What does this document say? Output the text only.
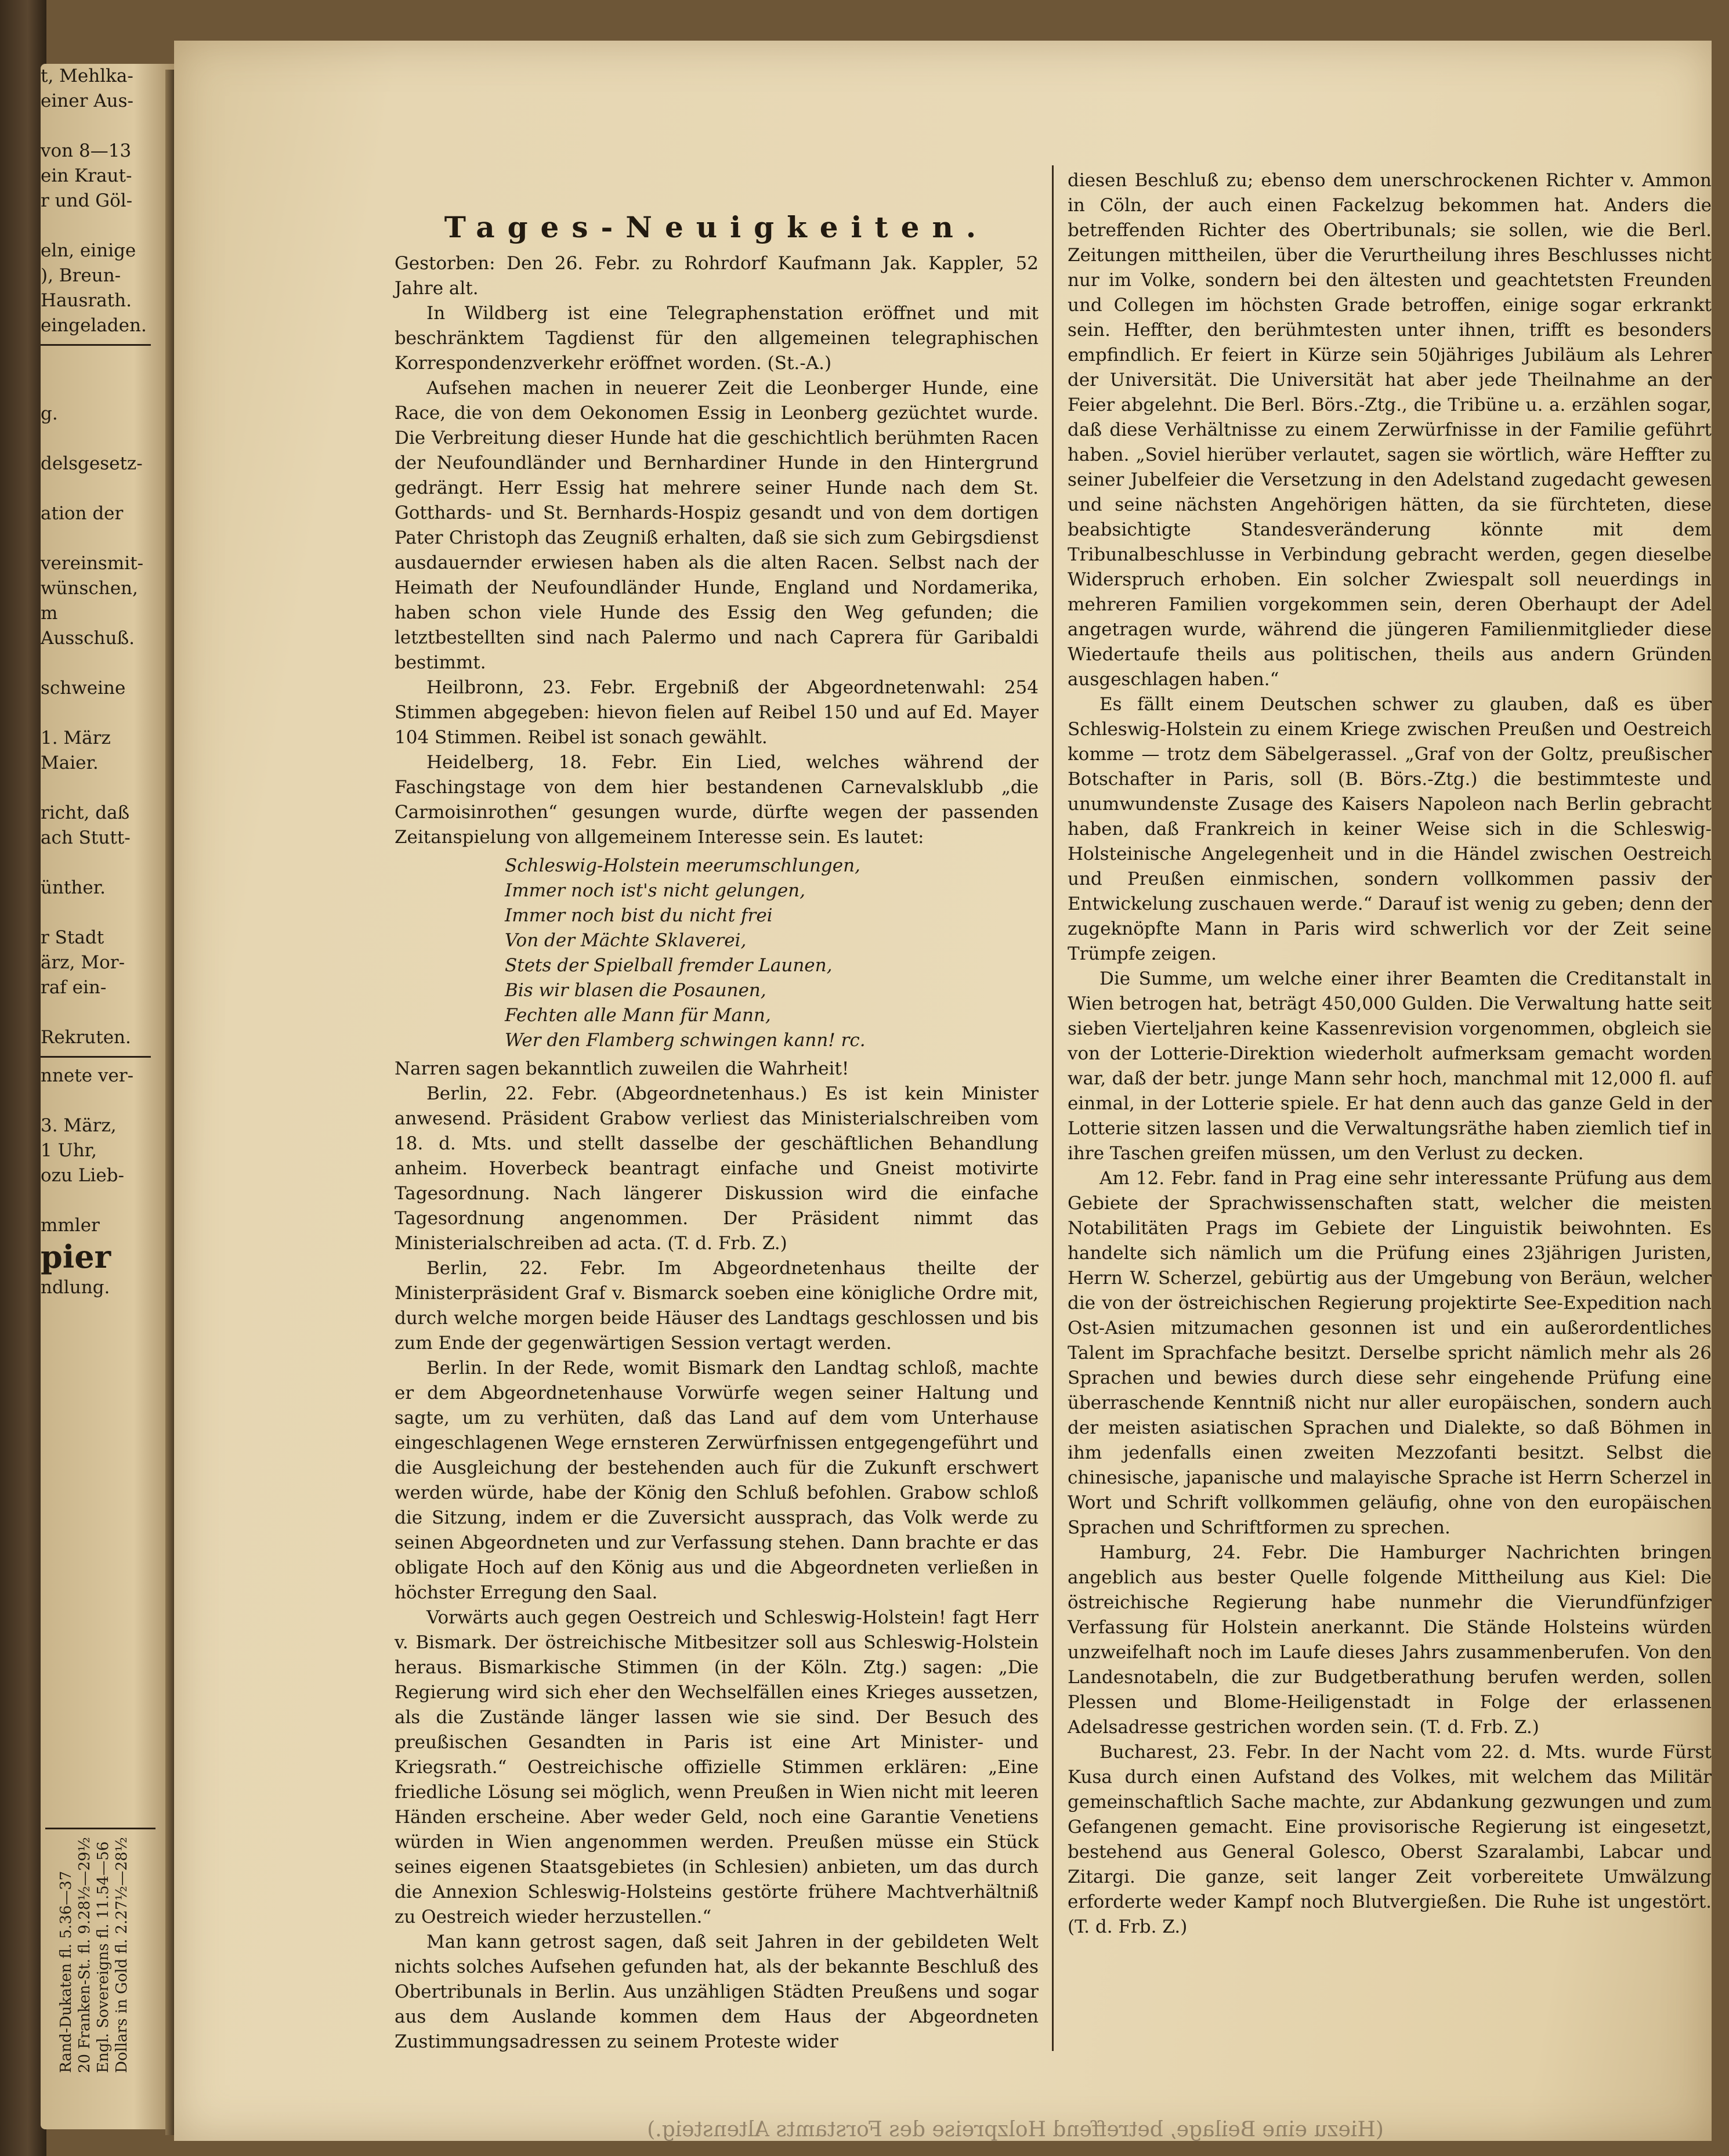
t, Mehlka-
einer Aus-

von 8—13
ein Kraut-
r und Göl-

eln, einige
), Breun-
Hausrath.
eingeladen.

g.

delsgesetz-

ation der

vereinsmit-
wünschen,
m
Ausschuß.

schweine

1. März
Maier.

richt, daß
ach Stutt-

ünther.

r Stadt
ärz, Mor-
raf ein-

Rekruten.
nnete ver-

3. März,
1 Uhr,
ozu Lieb-

mmler
pier
ndlung.
Rand-Dukaten fl. 5.36—37 20 Franken-St. fl. 9.28½—29½ Engl. Sovereigns fl. 11.54—56 Dollars in Gold fl. 2.27½—28½
Tages-Neuigkeiten.

Gestorben: Den 26. Febr. zu Rohrdorf Kaufmann Jak. Kappler, 52 Jahre alt.

In Wildberg ist eine Telegraphenstation eröffnet und mit beschränktem Tagdienst für den allgemeinen telegraphischen Korrespondenzverkehr eröffnet worden. (St.-A.)

Aufsehen machen in neuerer Zeit die Leonberger Hunde, eine Race, die von dem Oekonomen Essig in Leonberg gezüchtet wurde. Die Verbreitung dieser Hunde hat die geschichtlich berühmten Racen der Neufoundländer und Bernhardiner Hunde in den Hintergrund gedrängt. Herr Essig hat mehrere seiner Hunde nach dem St. Gotthards- und St. Bernhards-Hospiz gesandt und von dem dortigen Pater Christoph das Zeugniß erhalten, daß sie sich zum Gebirgsdienst ausdauernder erwiesen haben als die alten Racen. Selbst nach der Heimath der Neufoundländer Hunde, England und Nordamerika, haben schon viele Hunde des Essig den Weg gefunden; die letztbestellten sind nach Palermo und nach Caprera für Garibaldi bestimmt.

Heilbronn, 23. Febr. Ergebniß der Abgeordnetenwahl: 254 Stimmen abgegeben: hievon fielen auf Reibel 150 und auf Ed. Mayer 104 Stimmen. Reibel ist sonach gewählt.

Heidelberg, 18. Febr. Ein Lied, welches während der Faschingstage von dem hier bestandenen Carnevalsklubb „die Carmoisinrothen“ gesungen wurde, dürfte wegen der passenden Zeitanspielung von allgemeinem Interesse sein. Es lautet:

Schleswig-Holstein meerumschlungen,
Immer noch ist's nicht gelungen,
Immer noch bist du nicht frei
Von der Mächte Sklaverei,
Stets der Spielball fremder Launen,
Bis wir blasen die Posaunen,
Fechten alle Mann für Mann,
Wer den Flamberg schwingen kann! rc.

Narren sagen bekanntlich zuweilen die Wahrheit!

Berlin, 22. Febr. (Abgeordnetenhaus.) Es ist kein Minister anwesend. Präsident Grabow verliest das Ministerialschreiben vom 18. d. Mts. und stellt dasselbe der geschäftlichen Behandlung anheim. Hoverbeck beantragt einfache und Gneist motivirte Tagesordnung. Nach längerer Diskussion wird die einfache Tagesordnung angenommen. Der Präsident nimmt das Ministerialschreiben ad acta. (T. d. Frb. Z.)

Berlin, 22. Febr. Im Abgeordnetenhaus theilte der Ministerpräsident Graf v. Bismarck soeben eine königliche Ordre mit, durch welche morgen beide Häuser des Landtags geschlossen und bis zum Ende der gegenwärtigen Session vertagt werden.

Berlin. In der Rede, womit Bismark den Landtag schloß, machte er dem Abgeordnetenhause Vorwürfe wegen seiner Haltung und sagte, um zu verhüten, daß das Land auf dem vom Unterhause eingeschlagenen Wege ernsteren Zerwürfnissen entgegengeführt und die Ausgleichung der bestehenden auch für die Zukunft erschwert werden würde, habe der König den Schluß befohlen. Grabow schloß die Sitzung, indem er die Zuversicht aussprach, das Volk werde zu seinen Abgeordneten und zur Verfassung stehen. Dann brachte er das obligate Hoch auf den König aus und die Abgeordneten verließen in höchster Erregung den Saal.

Vorwärts auch gegen Oestreich und Schleswig-Holstein! fagt Herr v. Bismark. Der östreichische Mitbesitzer soll aus Schleswig-Holstein heraus. Bismarkische Stimmen (in der Köln. Ztg.) sagen: „Die Regierung wird sich eher den Wechselfällen eines Krieges aussetzen, als die Zustände länger lassen wie sie sind. Der Besuch des preußischen Gesandten in Paris ist eine Art Minister- und Kriegsrath.“ Oestreichische offizielle Stimmen erklären: „Eine friedliche Lösung sei möglich, wenn Preußen in Wien nicht mit leeren Händen erscheine. Aber weder Geld, noch eine Garantie Venetiens würden in Wien angenommen werden. Preußen müsse ein Stück seines eigenen Staatsgebietes (in Schlesien) anbieten, um das durch die Annexion Schleswig-Holsteins gestörte frühere Machtverhältniß zu Oestreich wieder herzustellen.“

Man kann getrost sagen, daß seit Jahren in der gebildeten Welt nichts solches Aufsehen gefunden hat, als der bekannte Beschluß des Obertribunals in Berlin. Aus unzähligen Städten Preußens und sogar aus dem Auslande kommen dem Haus der Abgeordneten Zustimmungsadressen zu seinem Proteste wider

diesen Beschluß zu; ebenso dem unerschrockenen Richter v. Ammon in Cöln, der auch einen Fackelzug bekommen hat. Anders die betreffenden Richter des Obertribunals; sie sollen, wie die Berl. Zeitungen mittheilen, über die Verurtheilung ihres Beschlusses nicht nur im Volke, sondern bei den ältesten und geachtetsten Freunden und Collegen im höchsten Grade betroffen, einige sogar erkrankt sein. Heffter, den berühmtesten unter ihnen, trifft es besonders empfindlich. Er feiert in Kürze sein 50jähriges Jubiläum als Lehrer der Universität. Die Universität hat aber jede Theilnahme an der Feier abgelehnt. Die Berl. Börs.-Ztg., die Tribüne u. a. erzählen sogar, daß diese Verhältnisse zu einem Zerwürfnisse in der Familie geführt haben. „Soviel hierüber verlautet, sagen sie wörtlich, wäre Heffter zu seiner Jubelfeier die Versetzung in den Adelstand zugedacht gewesen und seine nächsten Angehörigen hätten, da sie fürchteten, diese beabsichtigte Standesveränderung könnte mit dem Tribunalbeschlusse in Verbindung gebracht werden, gegen dieselbe Widerspruch erhoben. Ein solcher Zwiespalt soll neuerdings in mehreren Familien vorgekommen sein, deren Oberhaupt der Adel angetragen wurde, während die jüngeren Familienmitglieder diese Wiedertaufe theils aus politischen, theils aus andern Gründen ausgeschlagen haben.“

Es fällt einem Deutschen schwer zu glauben, daß es über Schleswig-Holstein zu einem Kriege zwischen Preußen und Oestreich komme — trotz dem Säbelgerassel. „Graf von der Goltz, preußischer Botschafter in Paris, soll (B. Börs.-Ztg.) die bestimmteste und unumwundenste Zusage des Kaisers Napoleon nach Berlin gebracht haben, daß Frankreich in keiner Weise sich in die Schleswig-Holsteinische Angelegenheit und in die Händel zwischen Oestreich und Preußen einmischen, sondern vollkommen passiv der Entwickelung zuschauen werde.“ Darauf ist wenig zu geben; denn der zugeknöpfte Mann in Paris wird schwerlich vor der Zeit seine Trümpfe zeigen.

Die Summe, um welche einer ihrer Beamten die Creditanstalt in Wien betrogen hat, beträgt 450,000 Gulden. Die Verwaltung hatte seit sieben Vierteljahren keine Kassenrevision vorgenommen, obgleich sie von der Lotterie-Direktion wiederholt aufmerksam gemacht worden war, daß der betr. junge Mann sehr hoch, manchmal mit 12,000 fl. auf einmal, in der Lotterie spiele. Er hat denn auch das ganze Geld in der Lotterie sitzen lassen und die Verwaltungsräthe haben ziemlich tief in ihre Taschen greifen müssen, um den Verlust zu decken.

Am 12. Febr. fand in Prag eine sehr interessante Prüfung aus dem Gebiete der Sprachwissenschaften statt, welcher die meisten Notabilitäten Prags im Gebiete der Linguistik beiwohnten. Es handelte sich nämlich um die Prüfung eines 23jährigen Juristen, Herrn W. Scherzel, gebürtig aus der Umgebung von Beräun, welcher die von der östreichischen Regierung projektirte See-Expedition nach Ost-Asien mitzumachen gesonnen ist und ein außerordentliches Talent im Sprachfache besitzt. Derselbe spricht nämlich mehr als 26 Sprachen und bewies durch diese sehr eingehende Prüfung eine überraschende Kenntniß nicht nur aller europäischen, sondern auch der meisten asiatischen Sprachen und Dialekte, so daß Böhmen in ihm jedenfalls einen zweiten Mezzofanti besitzt. Selbst die chinesische, japanische und malayische Sprache ist Herrn Scherzel in Wort und Schrift vollkommen geläufig, ohne von den europäischen Sprachen und Schriftformen zu sprechen.

Hamburg, 24. Febr. Die Hamburger Nachrichten bringen angeblich aus bester Quelle folgende Mittheilung aus Kiel: Die östreichische Regierung habe nunmehr die Vierundfünfziger Verfassung für Holstein anerkannt. Die Stände Holsteins würden unzweifelhaft noch im Laufe dieses Jahrs zusammenberufen. Von den Landesnotabeln, die zur Budgetberathung berufen werden, sollen Plessen und Blome-Heiligenstadt in Folge der erlassenen Adelsadresse gestrichen worden sein. (T. d. Frb. Z.)

Bucharest, 23. Febr. In der Nacht vom 22. d. Mts. wurde Fürst Kusa durch einen Aufstand des Volkes, mit welchem das Militär gemeinschaftlich Sache machte, zur Abdankung gezwungen und zum Gefangenen gemacht. Eine provisorische Regierung ist eingesetzt, bestehend aus General Golesco, Oberst Szaralambi, Labcar und Zitargi. Die ganze, seit langer Zeit vorbereitete Umwälzung erforderte weder Kampf noch Blutvergießen. Die Ruhe ist ungestört. (T. d. Frb. Z.)

(Hiezu eine Beilage, betreffend Holzpreise des Forstamts Altensteig.)
